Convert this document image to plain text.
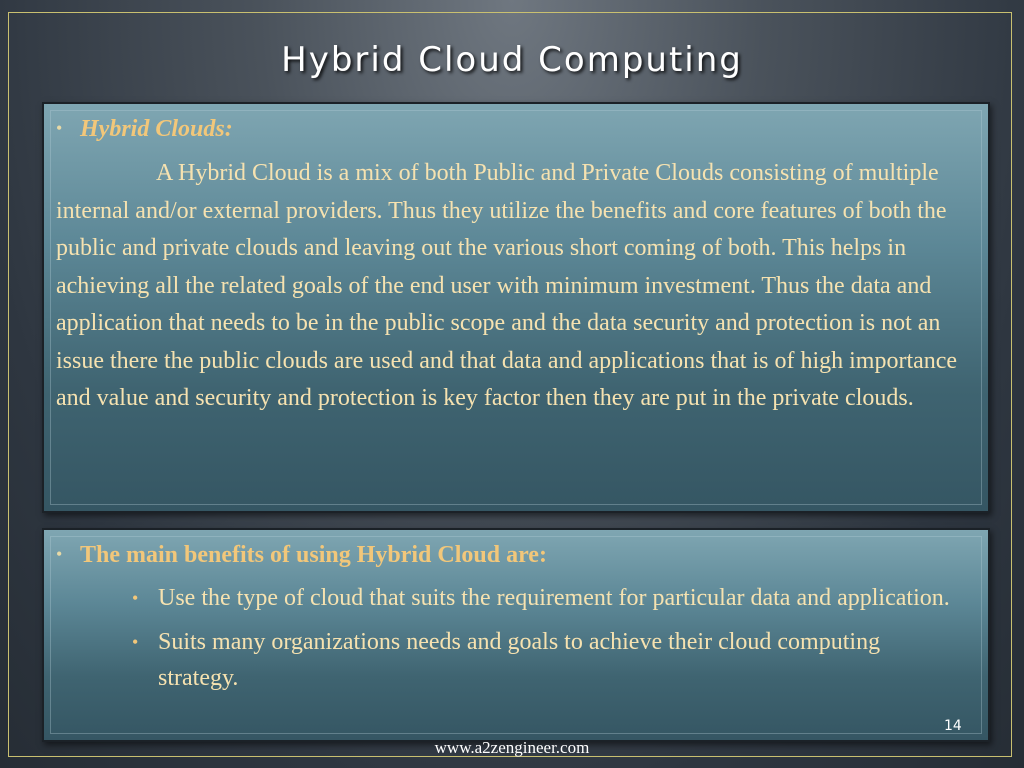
Hybrid Cloud Computing
• Hybrid Clouds:
A Hybrid Cloud is a mix of both Public and Private Clouds consisting of multiple internal and/or external providers. Thus they utilize the benefits and core features of both the public and private clouds and leaving out the various short coming of both. This helps in achieving all the related goals of the end user with minimum investment. Thus the data and application that needs to be in the public scope and the data security and protection is not an issue there the public clouds are used and that data and applications that is of high importance and value and security and protection is key factor then they are put in the private clouds.
• The main benefits of using Hybrid Cloud are:
• Use the type of cloud that suits the requirement for particular data and application.
• Suits many organizations needs and goals to achieve their cloud computing strategy.
14
www.a2zengineer.com
